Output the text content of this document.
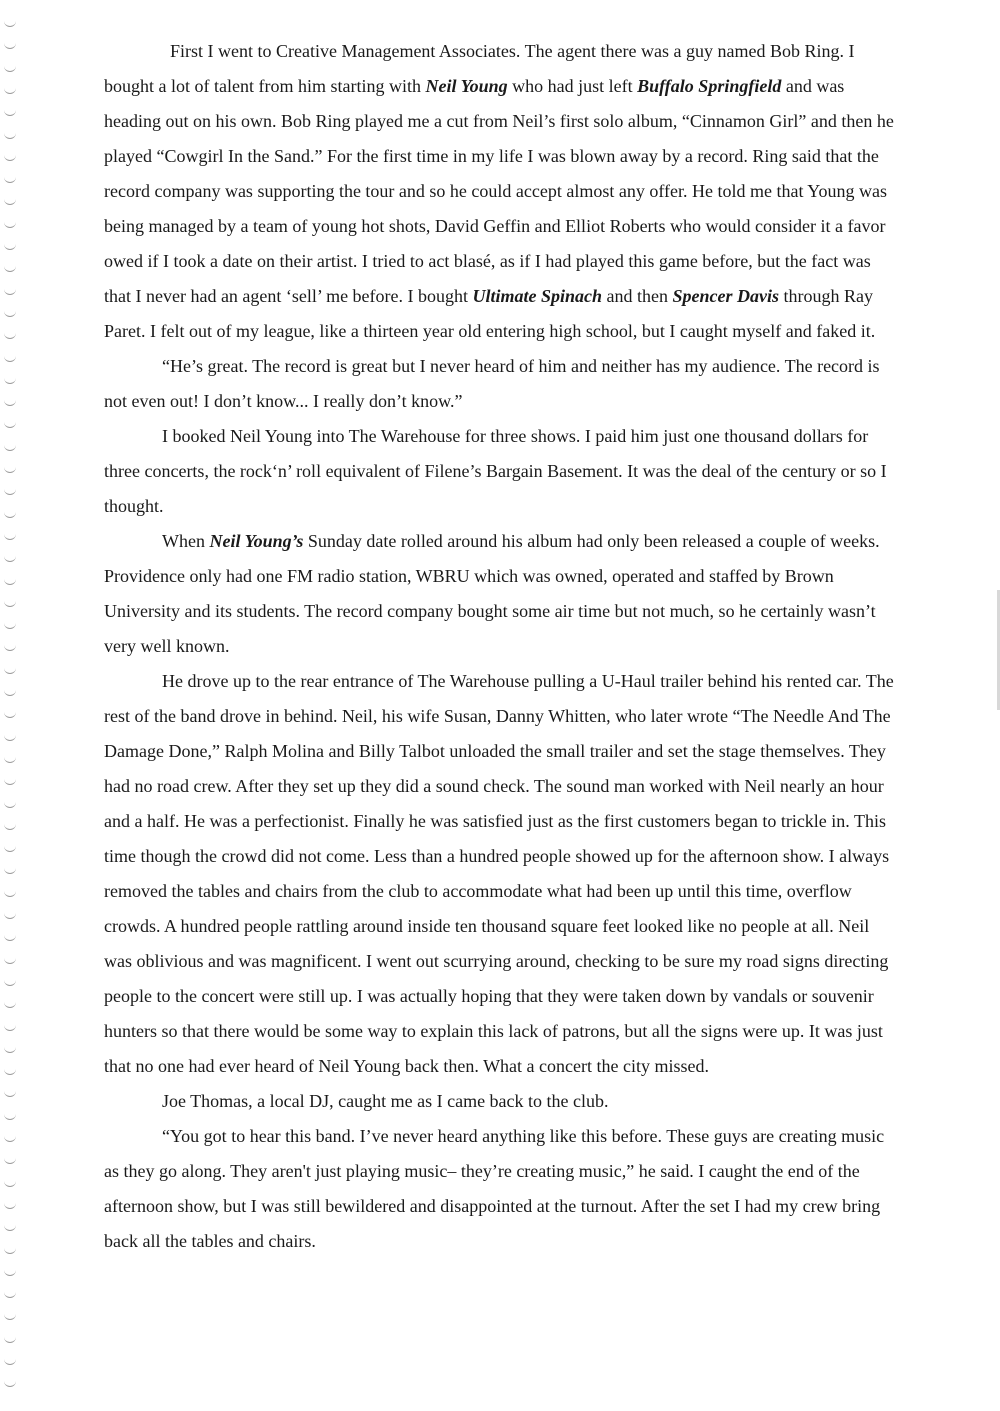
First I went to Creative Management Associates. The agent there was a guy named Bob Ring. I bought a lot of talent from him starting with Neil Young who had just left Buffalo Springfield and was heading out on his own. Bob Ring played me a cut from Neil’s first solo album, “Cinnamon Girl” and then he played “Cowgirl In the Sand.” For the first time in my life I was blown away by a record. Ring said that the record company was supporting the tour and so he could accept almost any offer. He told me that Young was being managed by a team of young hot shots, David Geffin and Elliot Roberts who would consider it a favor owed if I took a date on their artist. I tried to act blasé, as if I had played this game before, but the fact was that I never had an agent ‘sell’ me before. I bought Ultimate Spinach and then Spencer Davis through Ray Paret. I felt out of my league, like a thirteen year old entering high school, but I caught myself and faked it.

“He’s great. The record is great but I never heard of him and neither has my audience. The record is not even out! I don’t know... I really don’t know.”

I booked Neil Young into The Warehouse for three shows. I paid him just one thousand dollars for three concerts, the rock‘n’ roll equivalent of Filene’s Bargain Basement. It was the deal of the century or so I thought.

When Neil Young’s Sunday date rolled around his album had only been released a couple of weeks. Providence only had one FM radio station, WBRU which was owned, operated and staffed by Brown University and its students. The record company bought some air time but not much, so he certainly wasn’t very well known.

He drove up to the rear entrance of The Warehouse pulling a U-Haul trailer behind his rented car. The rest of the band drove in behind. Neil, his wife Susan, Danny Whitten, who later wrote “The Needle And The Damage Done,” Ralph Molina and Billy Talbot unloaded the small trailer and set the stage themselves. They had no road crew. After they set up they did a sound check. The sound man worked with Neil nearly an hour and a half. He was a perfectionist. Finally he was satisfied just as the first customers began to trickle in. This time though the crowd did not come. Less than a hundred people showed up for the afternoon show. I always removed the tables and chairs from the club to accommodate what had been up until this time, overflow crowds. A hundred people rattling around inside ten thousand square feet looked like no people at all. Neil was oblivious and was magnificent. I went out scurrying around, checking to be sure my road signs directing people to the concert were still up. I was actually hoping that they were taken down by vandals or souvenir hunters so that there would be some way to explain this lack of patrons, but all the signs were up. It was just that no one had ever heard of Neil Young back then. What a concert the city missed.

Joe Thomas, a local DJ, caught me as I came back to the club.

“You got to hear this band. I’ve never heard anything like this before. These guys are creating music as they go along. They aren't just playing music– they’re creating music,” he said. I caught the end of the afternoon show, but I was still bewildered and disappointed at the turnout. After the set I had my crew bring back all the tables and chairs.
